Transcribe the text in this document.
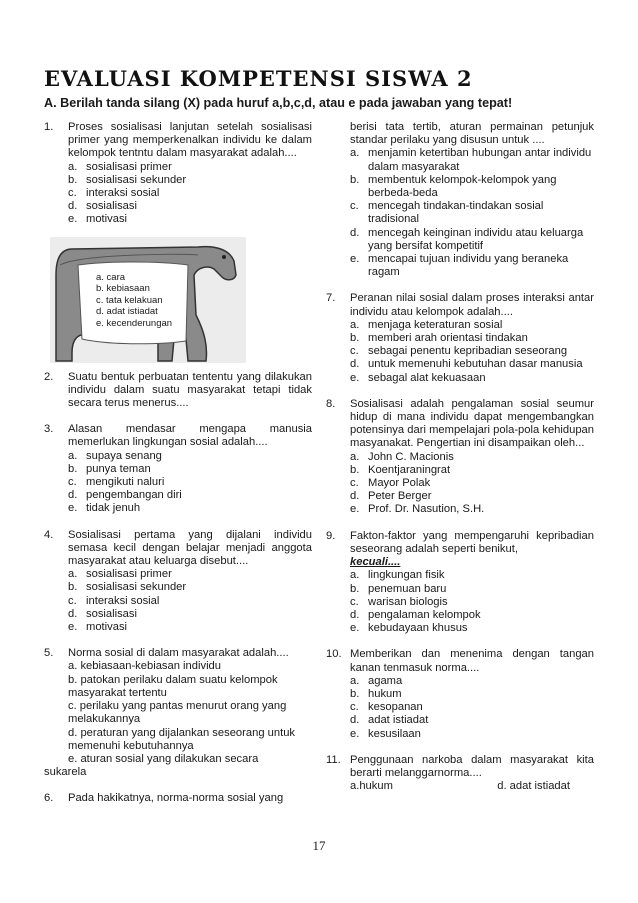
EVALUASI KOMPETENSI SISWA 2
A. Berilah tanda silang (X) pada huruf a,b,c,d, atau e pada jawaban yang tepat!
1. Proses sosialisasi lanjutan setelah sosialisasi primer yang memperkenalkan individu ke dalam kelompok tentntu dalam masyarakat adalah....
a. sosialisasi primer
b. sosialisasi sekunder
c. interaksi sosial
d. sosialisasi
e. motivasi
a. cara
b. kebiasaan
c. tata kelakuan
d. adat istiadat
e. kecenderungan
2. Suatu bentuk perbuatan tententu yang dilakukan individu dalam suatu masyarakat tetapi tidak secara terus menerus....
3. Alasan mendasar mengapa manusia memerlukan lingkungan sosial adalah....
a. supaya senang
b. punya teman
c. mengikuti naluri
d. pengembangan diri
e. tidak jenuh
4. Sosialisasi pertama yang dijalani individu semasa kecil dengan belajar menjadi anggota masyarakat atau keluarga disebut....
a. sosialisasi primer
b. sosialisasi sekunder
c. interaksi sosial
d. sosialisasi
e. motivasi
5. Norma sosial di dalam masyarakat adalah....
a. kebiasaan-kebiasan individu
b. patokan perilaku dalam suatu kelompok masyarakat tertentu
c. perilaku yang pantas menurut orang yang melakukannya
d. peraturan yang dijalankan seseorang untuk memenuhi kebutuhannya
e. aturan sosial yang dilakukan secara
sukarela
6. Pada hakikatnya, norma-norma sosial yang
berisi tata tertib, aturan permainan petunjuk standar perilaku yang disusun untuk ....
a. menjamin ketertiban hubungan antar individu dalam masyarakat
b. membentuk kelompok-kelompok yang berbeda-beda
c. mencegah tindakan-tindakan sosial tradisional
d. mencegah keinginan individu atau keluarga yang bersifat kompetitif
e. mencapai tujuan individu yang beraneka ragam
7. Peranan nilai sosial dalam proses interaksi antar individu atau kelompok adalah....
a. menjaga keteraturan sosial
b. memberi arah orientasi tindakan
c. sebagai penentu kepribadian seseorang
d. untuk memenuhi kebutuhan dasar manusia
e. sebagal alat kekuasaan
8. Sosialisasi adalah pengalaman sosial seumur hidup di mana individu dapat mengembangkan potensinya dari mempelajari pola-pola kehidupan masyanakat. Pengertian ini disampaikan oleh...
a. John C. Macionis
b. Koentjaraningrat
c. Mayor Polak
d. Peter Berger
e. Prof. Dr. Nasution, S.H.
9. Fakton-faktor yang mempengaruhi kepribadian seseorang adalah seperti benikut,
kecuali....
a. lingkungan fisik
b. penemuan baru
c. warisan biologis
d. pengalaman kelompok
e. kebudayaan khusus
10. Memberikan dan menenima dengan tangan kanan tenmasuk norma....
a. agama
b. hukum
c. kesopanan
d. adat istiadat
e. kesusilaan
11. Penggunaan narkoba dalam masyarakat kita berarti melanggarnorma....
a.hukum	d. adat istiadat
17
